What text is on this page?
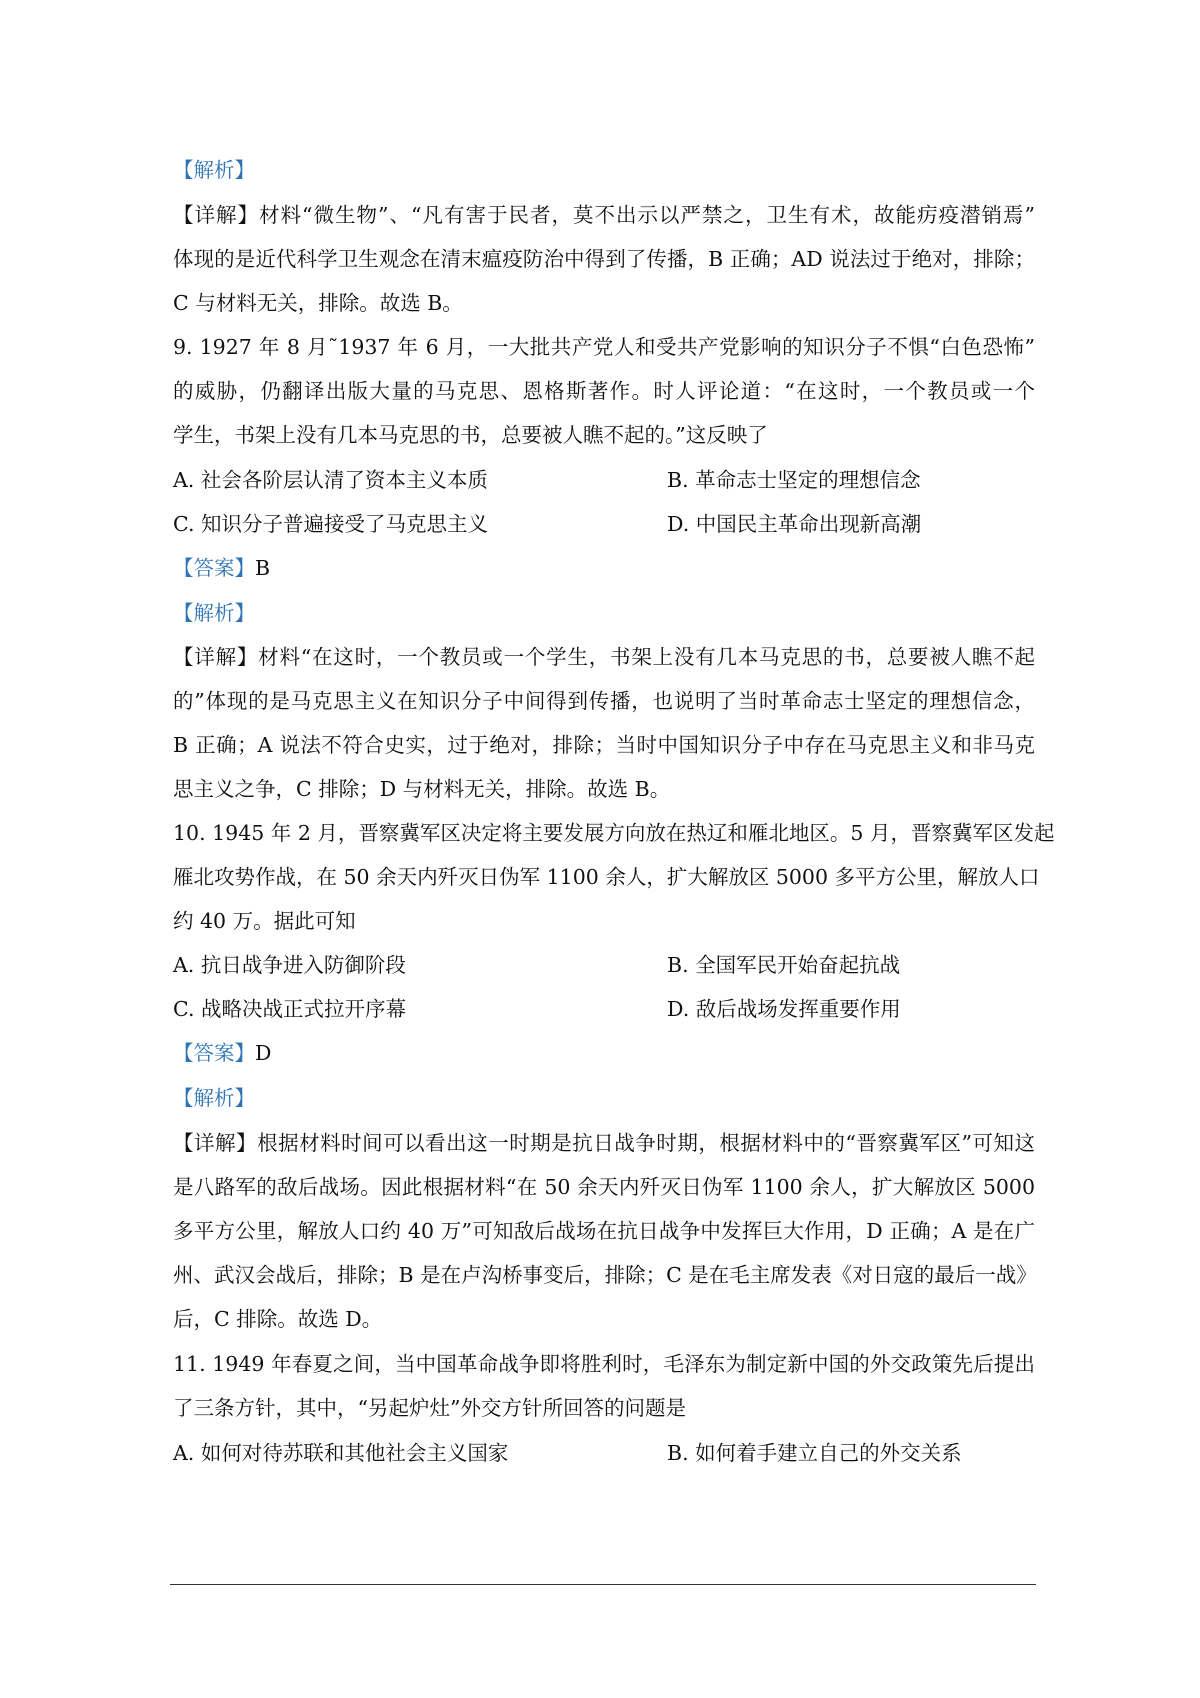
【解析】
【详解】材料“微生物”、“凡有害于民者，莫不出示以严禁之，卫生有术，故能疠疫潜销焉”
体现的是近代科学卫生观念在清末瘟疫防治中得到了传播，B 正确；AD 说法过于绝对，排除；
C 与材料无关，排除。故选 B。
9. 1927 年 8 月˜1937 年 6 月，一大批共产党人和受共产党影响的知识分子不惧“白色恐怖”
的威胁，仍翻译出版大量的马克思、恩格斯著作。时人评论道：“在这时，一个教员或一个
学生，书架上没有几本马克思的书，总要被人瞧不起的。”这反映了
A. 社会各阶层认清了资本主义本质	B. 革命志士坚定的理想信念
C. 知识分子普遍接受了马克思主义	D. 中国民主革命出现新高潮
【答案】B
【解析】
【详解】材料“在这时，一个教员或一个学生，书架上没有几本马克思的书，总要被人瞧不起
的”体现的是马克思主义在知识分子中间得到传播，也说明了当时革命志士坚定的理想信念，
B 正确；A 说法不符合史实，过于绝对，排除；当时中国知识分子中存在马克思主义和非马克
思主义之争，C 排除；D 与材料无关，排除。故选 B。
10. 1945 年 2 月，晋察冀军区决定将主要发展方向放在热辽和雁北地区。5 月，晋察冀军区发起
雁北攻势作战，在 50 余天内歼灭日伪军 1100 余人，扩大解放区 5000 多平方公里，解放人口
约 40 万。据此可知
A. 抗日战争进入防御阶段	B. 全国军民开始奋起抗战
C. 战略决战正式拉开序幕	D. 敌后战场发挥重要作用
【答案】D
【解析】
【详解】根据材料时间可以看出这一时期是抗日战争时期，根据材料中的“晋察冀军区”可知这
是八路军的敌后战场。因此根据材料“在 50 余天内歼灭日伪军 1100 余人，扩大解放区 5000
多平方公里，解放人口约 40 万”可知敌后战场在抗日战争中发挥巨大作用，D 正确；A 是在广
州、武汉会战后，排除；B 是在卢沟桥事变后，排除；C 是在毛主席发表《对日寇的最后一战》
后，C 排除。故选 D。
11. 1949 年春夏之间，当中国革命战争即将胜利时，毛泽东为制定新中国的外交政策先后提出
了三条方针，其中，“另起炉灶”外交方针所回答的问题是
A. 如何对待苏联和其他社会主义国家	B. 如何着手建立自己的外交关系
